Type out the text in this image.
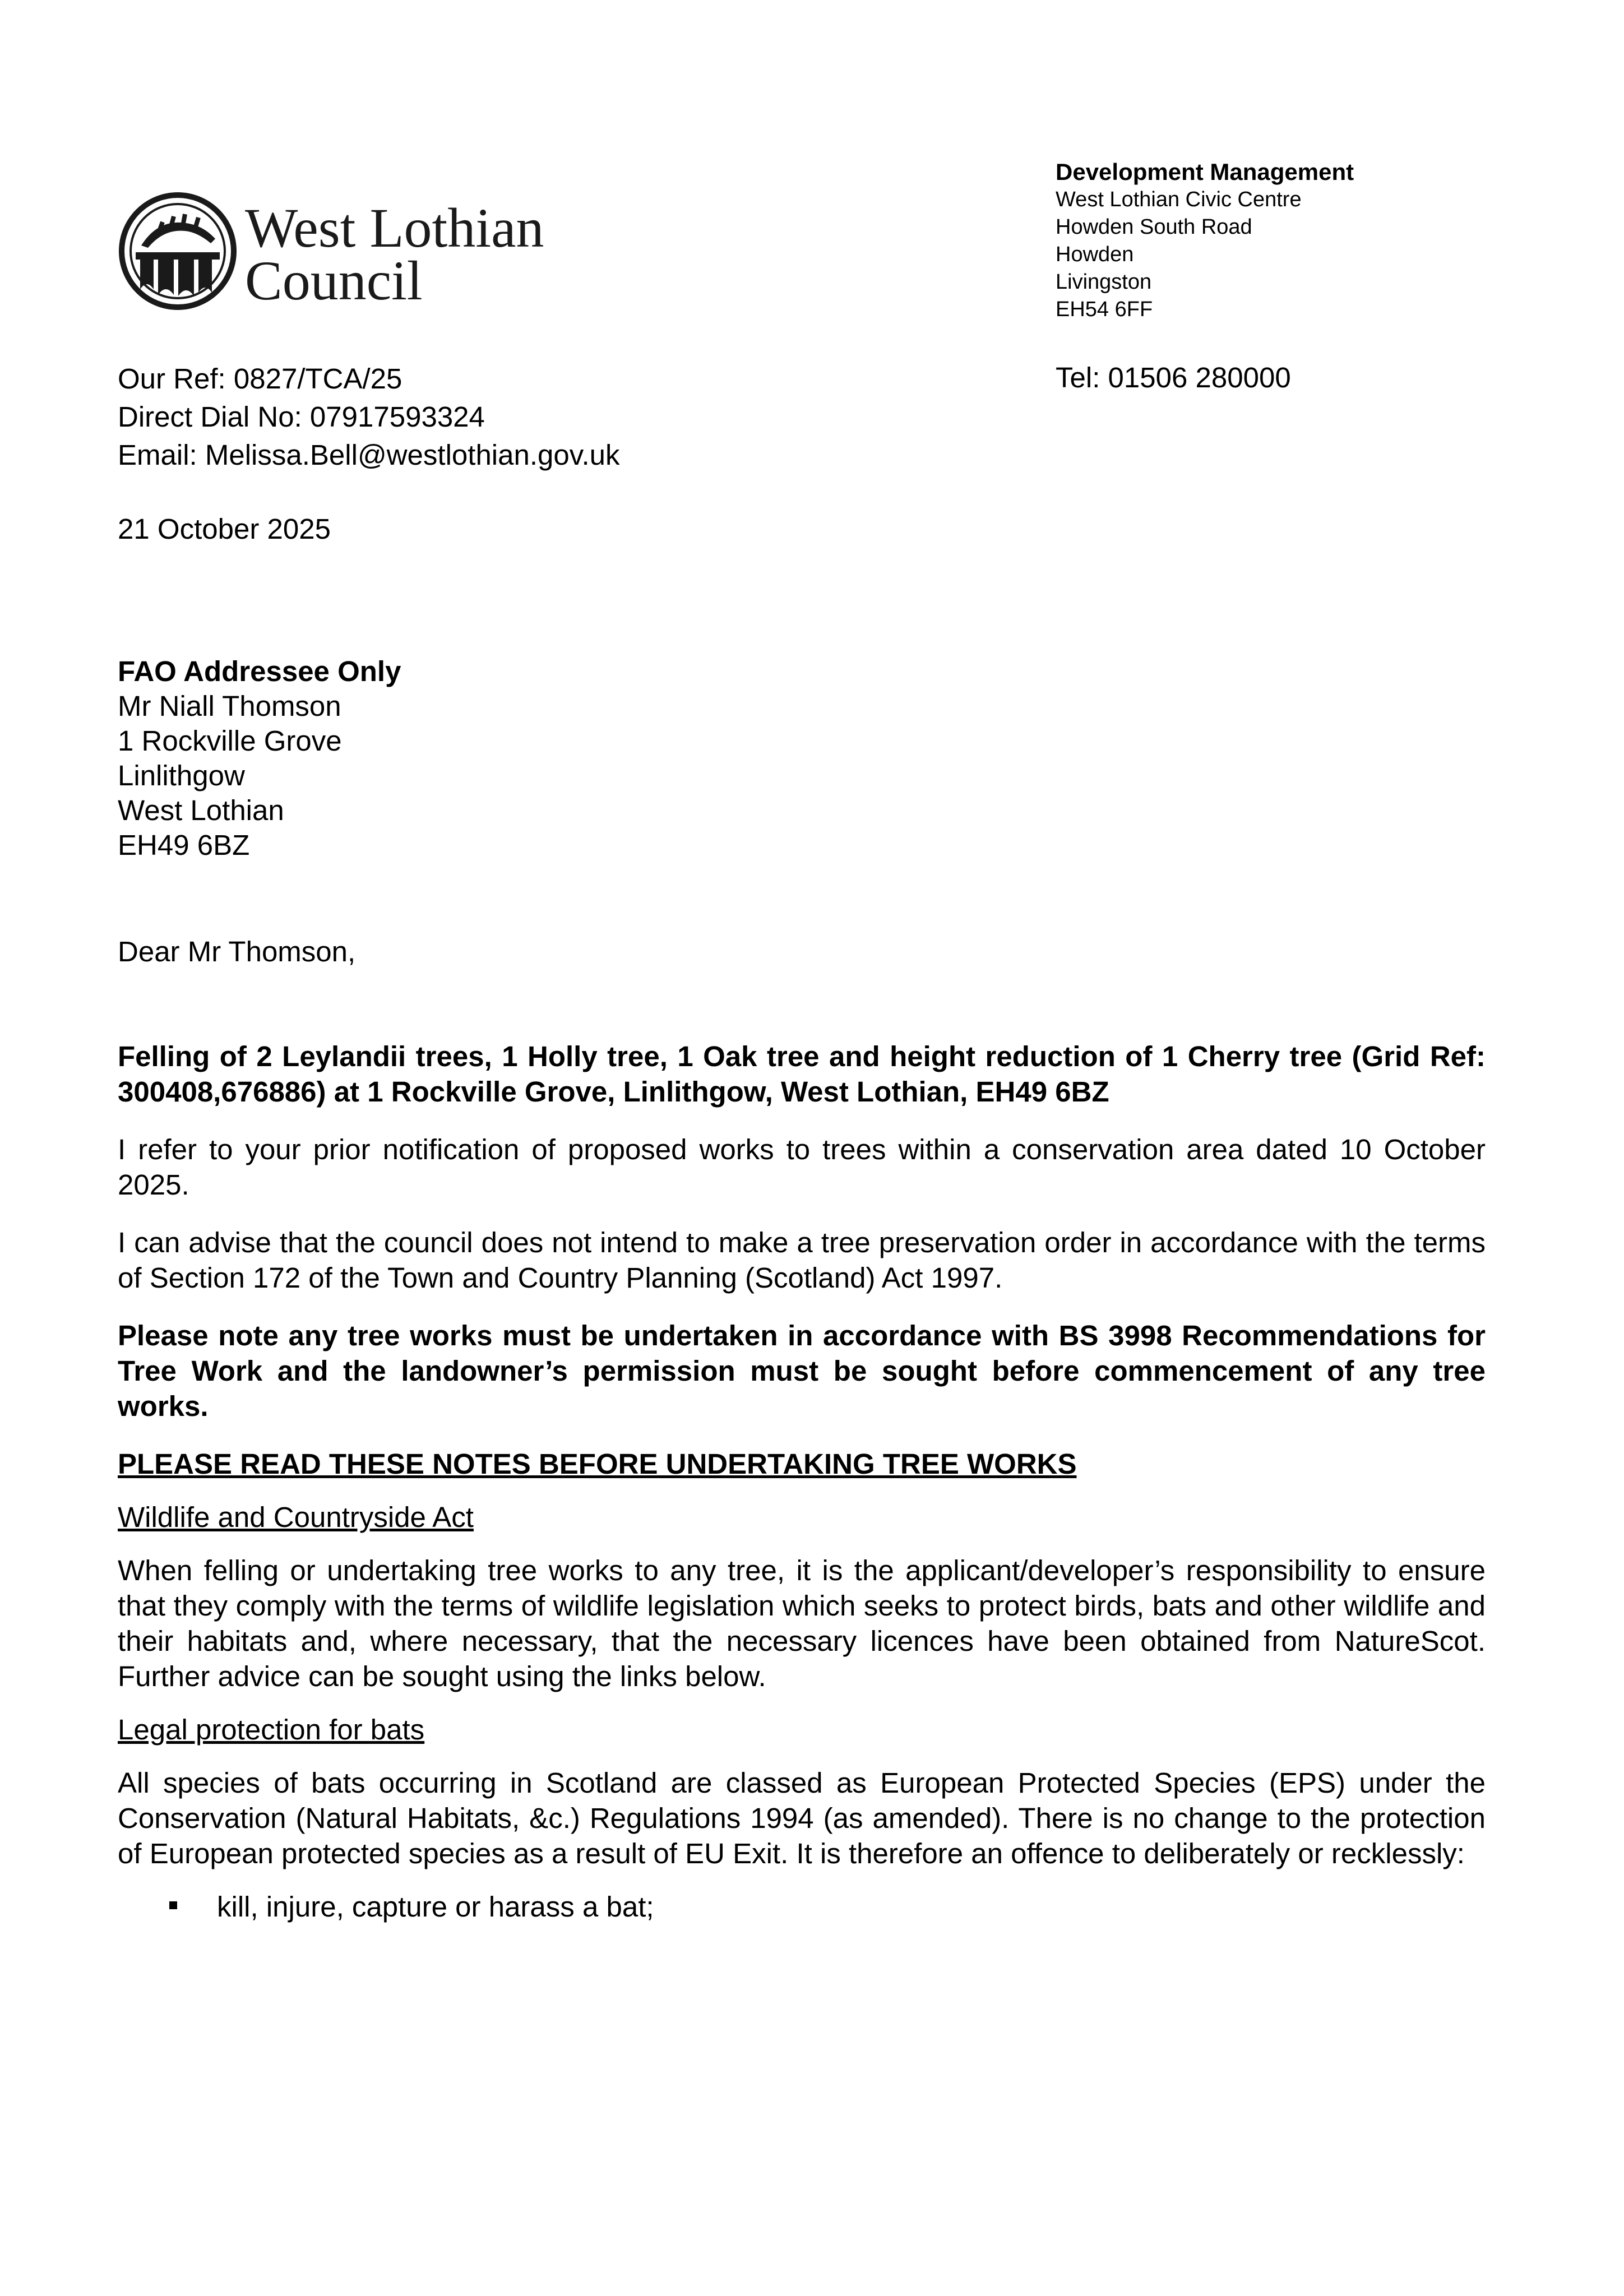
West Lothian
Council
Development Management
West Lothian Civic Centre
Howden South Road
Howden
Livingston
EH54 6FF
Tel: 01506 280000
Our Ref: 0827/TCA/25
Direct Dial No: 07917593324
Email: Melissa.Bell@westlothian.gov.uk
21 October 2025
FAO Addressee Only
Mr Niall Thomson
1 Rockville Grove
Linlithgow
West Lothian
EH49 6BZ
Dear Mr Thomson,

Felling of 2 Leylandii trees, 1 Holly tree, 1 Oak tree and height reduction of 1 Cherry tree (Grid Ref: 300408,676886) at 1 Rockville Grove, Linlithgow, West Lothian, EH49 6BZ

I refer to your prior notification of proposed works to trees within a conservation area dated 10 October 2025.

I can advise that the council does not intend to make a tree preservation order in accordance with the terms of Section 172 of the Town and Country Planning (Scotland) Act 1997.

Please note any tree works must be undertaken in accordance with BS 3998 Recommendations for Tree Work and the landowner’s permission must be sought before commencement of any tree works.

PLEASE READ THESE NOTES BEFORE UNDERTAKING TREE WORKS

Wildlife and Countryside Act

When felling or undertaking tree works to any tree, it is the applicant/developer’s responsibility to ensure that they comply with the terms of wildlife legislation which seeks to protect birds, bats and other wildlife and their habitats and, where necessary, that the necessary licences have been obtained from NatureScot. Further advice can be sought using the links below.

Legal protection for bats

All species of bats occurring in Scotland are classed as European Protected Species (EPS) under the Conservation (Natural Habitats, &c.) Regulations 1994 (as amended). There is no change to the protection of European protected species as a result of EU Exit. It is therefore an offence to deliberately or recklessly:

kill, injure, capture or harass a bat;
